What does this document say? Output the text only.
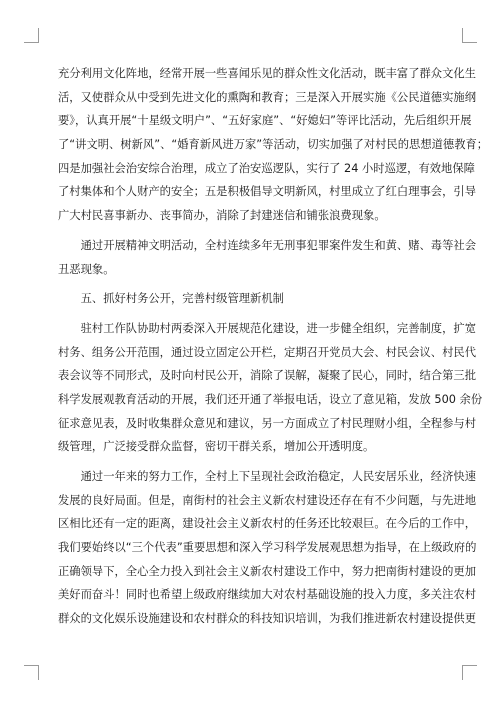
充分利用文化阵地，经常开展一些喜闻乐见的群众性文化活动，既丰富了群众文化生
活，又使群众从中受到先进文化的熏陶和教育；三是深入开展实施《公民道德实施纲
要》，认真开展“十星级文明户”、“五好家庭”、“好媳妇”等评比活动，先后组织开展
了“讲文明、树新风”、“婚育新风进万家”等活动，切实加强了对村民的思想道德教育；
四是加强社会治安综合治理，成立了治安巡逻队，实行了 24 小时巡逻，有效地保障
了村集体和个人财产的安全；五是积极倡导文明新风，村里成立了红白理事会，引导
广大村民喜事新办、丧事简办，消除了封建迷信和铺张浪费现象。
　　通过开展精神文明活动，全村连续多年无刑事犯罪案件发生和黄、赌、毒等社会
丑恶现象。
　　五、抓好村务公开，完善村级管理新机制
　　驻村工作队协助村两委深入开展规范化建设，进一步健全组织，完善制度，扩宽
村务、组务公开范围，通过设立固定公开栏，定期召开党员大会、村民会议、村民代
表会议等不同形式，及时向村民公开，消除了误解，凝聚了民心，同时，结合第三批
科学发展观教育活动的开展，我们还开通了举报电话，设立了意见箱，发放 500 余份
征求意见表，及时收集群众意见和建议，另一方面成立了村民理财小组，全程参与村
级管理，广泛接受群众监督，密切干群关系，增加公开透明度。
　　通过一年来的努力工作，全村上下呈现社会政治稳定，人民安居乐业，经济快速
发展的良好局面。但是，南街村的社会主义新农村建设还存在有不少问题，与先进地
区相比还有一定的距离，建设社会主义新农村的任务还比较艰巨。在今后的工作中，
我们要始终以“三个代表”重要思想和深入学习科学发展观思想为指导，在上级政府的
正确领导下，全心全力投入到社会主义新农村建设工作中，努力把南街村建设的更加
美好而奋斗！同时也希望上级政府继续加大对农村基础设施的投入力度，多关注农村
群众的文化娱乐设施建设和农村群众的科技知识培训，为我们推进新农村建设提供更
